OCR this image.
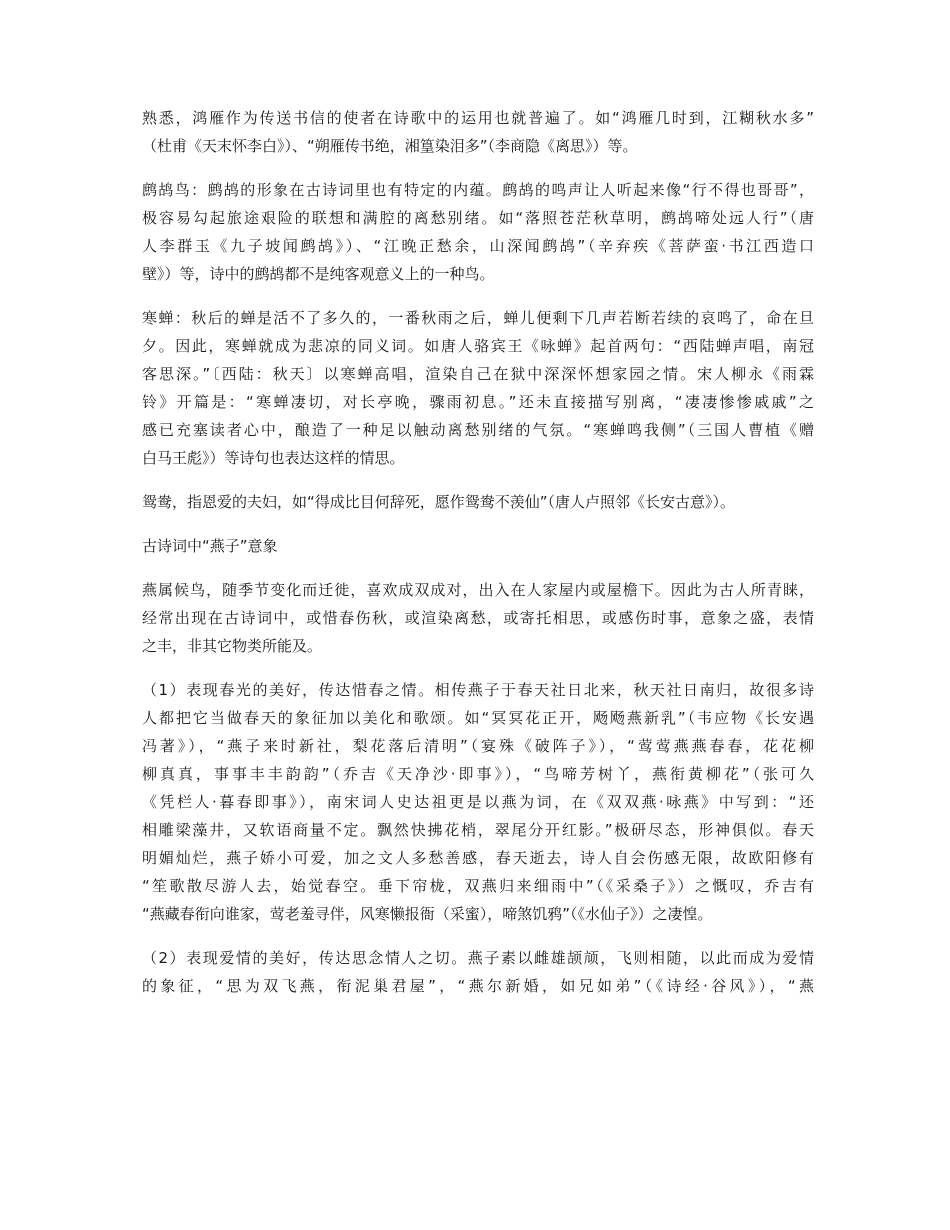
熟悉，鸿雁作为传送书信的使者在诗歌中的运用也就普遍了。如“鸿雁几时到，江糊秋水多”
（杜甫《天末怀李白》）、“朔雁传书绝，湘篁染泪多”（李商隐《离思》）等。
鹧鸪鸟：鹧鸪的形象在古诗词里也有特定的内蕴。鹧鸪的鸣声让人听起来像“行不得也哥哥”，
极容易勾起旅途艰险的联想和满腔的离愁别绪。如“落照苍茫秋草明，鹧鸪啼处远人行”（唐
人李群玉《九子坡闻鹧鸪》）、“江晚正愁余，山深闻鹧鸪”（辛弃疾《菩萨蛮·书江西造口
壁》）等，诗中的鹧鸪都不是纯客观意义上的一种鸟。
寒蝉：秋后的蝉是活不了多久的，一番秋雨之后，蝉儿便剩下几声若断若续的哀鸣了，命在旦
夕。因此，寒蝉就成为悲凉的同义词。如唐人骆宾王《咏蝉》起首两句：“西陆蝉声唱，南冠
客思深。”〔西陆：秋天〕以寒蝉高唱，渲染自己在狱中深深怀想家园之情。宋人柳永《雨霖
铃》开篇是：“寒蝉凄切，对长亭晚，骤雨初息。”还未直接描写别离，“凄凄惨惨戚戚”之
感已充塞读者心中，酿造了一种足以触动离愁别绪的气氛。“寒蝉鸣我侧”（三国人曹植《赠
白马王彪》）等诗句也表达这样的情思。
鸳鸯，指恩爱的夫妇，如“得成比目何辞死，愿作鸳鸯不羡仙”（唐人卢照邻《长安古意》）。
古诗词中“燕子”意象
燕属候鸟，随季节变化而迁徙，喜欢成双成对，出入在人家屋内或屋檐下。因此为古人所青睐，
经常出现在古诗词中，或惜春伤秋，或渲染离愁，或寄托相思，或感伤时事，意象之盛，表情
之丰，非其它物类所能及。
（1）表现春光的美好，传达惜春之情。相传燕子于春天社日北来，秋天社日南归，故很多诗
人都把它当做春天的象征加以美化和歌颂。如“冥冥花正开，飏飏燕新乳”（韦应物《长安遇
冯著》），“燕子来时新社，梨花落后清明”（宴殊《破阵子》），“莺莺燕燕春春，花花柳
柳真真，事事丰丰韵韵”（乔吉《天净沙·即事》），“鸟啼芳树丫，燕衔黄柳花”（张可久
《凭栏人·暮春即事》），南宋词人史达祖更是以燕为词，在《双双燕·咏燕》中写到：“还
相雕梁藻井，又软语商量不定。飘然快拂花梢，翠尾分开红影。”极研尽态，形神俱似。春天
明媚灿烂，燕子娇小可爱，加之文人多愁善感，春天逝去，诗人自会伤感无限，故欧阳修有
“笙歌散尽游人去，始觉春空。垂下帘栊，双燕归来细雨中”（《采桑子》）之慨叹，乔吉有
“燕藏春衔向谁家，莺老羞寻伴，风寒懒报衙（采蜜），啼煞饥鸦”（《水仙子》）之凄惶。
（2）表现爱情的美好，传达思念情人之切。燕子素以雌雄颉颃，飞则相随，以此而成为爱情
的象征，“思为双飞燕，衔泥巢君屋”，“燕尔新婚，如兄如弟”（《诗经·谷风》），“燕
